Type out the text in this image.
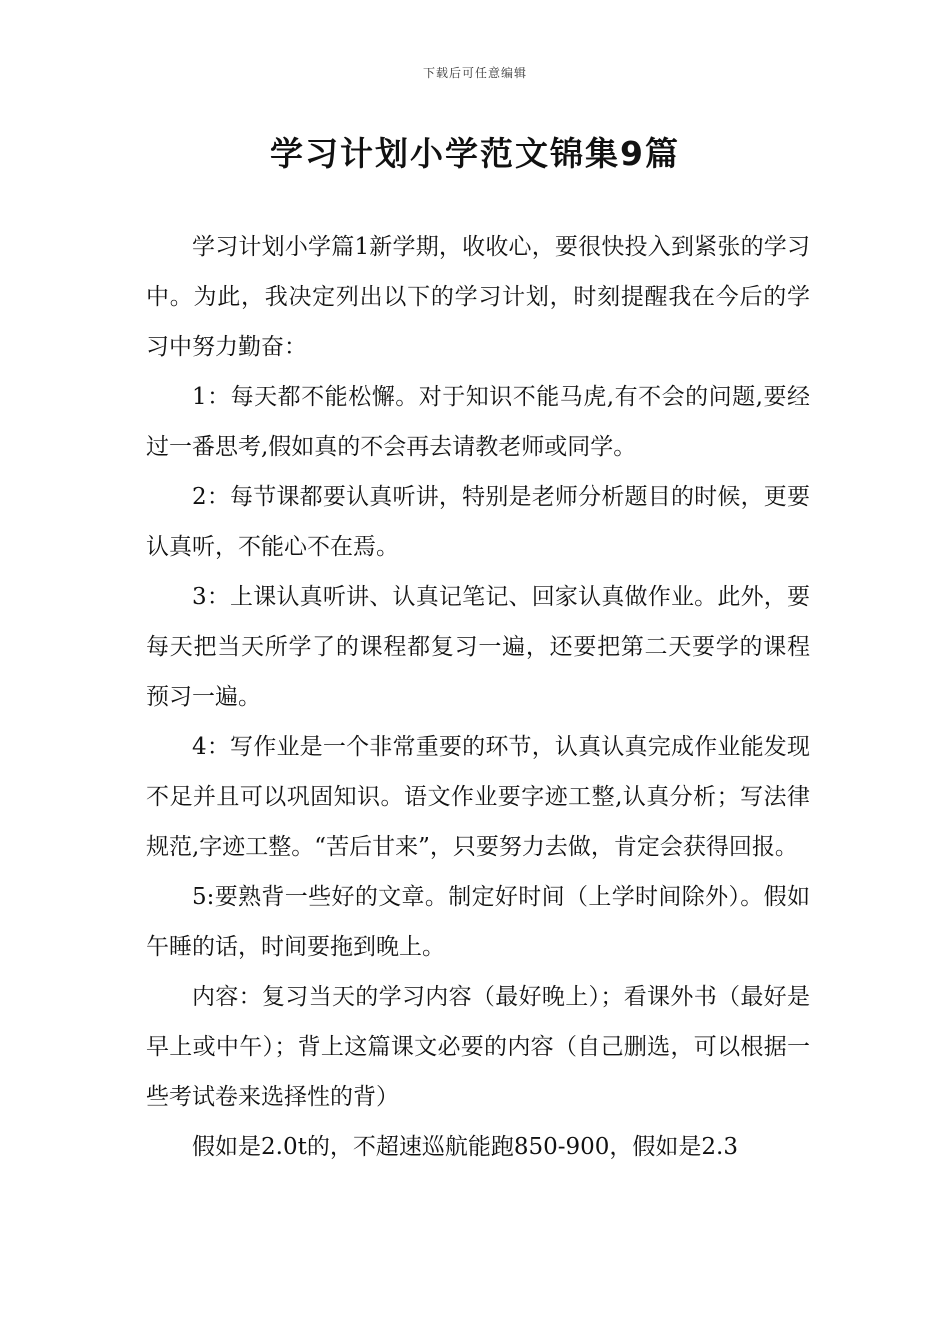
下载后可任意编辑
学习计划小学范文锦集9篇

学习计划小学篇1新学期，收收心，要很快投入到紧张的学习中。为此，我决定列出以下的学习计划，时刻提醒我在今后的学习中努力勤奋：

1：每天都不能松懈。对于知识不能马虎,有不会的问题,要经过一番思考,假如真的不会再去请教老师或同学。

2：每节课都要认真听讲，特别是老师分析题目的时候，更要认真听，不能心不在焉。

3：上课认真听讲、认真记笔记、回家认真做作业。此外，要每天把当天所学了的课程都复习一遍，还要把第二天要学的课程预习一遍。

4：写作业是一个非常重要的环节，认真认真完成作业能发现不足并且可以巩固知识。语文作业要字迹工整,认真分析；写法律规范,字迹工整。“苦后甘来”，只要努力去做，肯定会获得回报。

5:要熟背一些好的文章。制定好时间（上学时间除外）。假如午睡的话，时间要拖到晚上。

内容：复习当天的学习内容（最好晚上）；看课外书（最好是早上或中午）；背上这篇课文必要的内容（自己删选，可以根据一些考试卷来选择性的背）

假如是2.0t的，不超速巡航能跑850-900，假如是2.3
